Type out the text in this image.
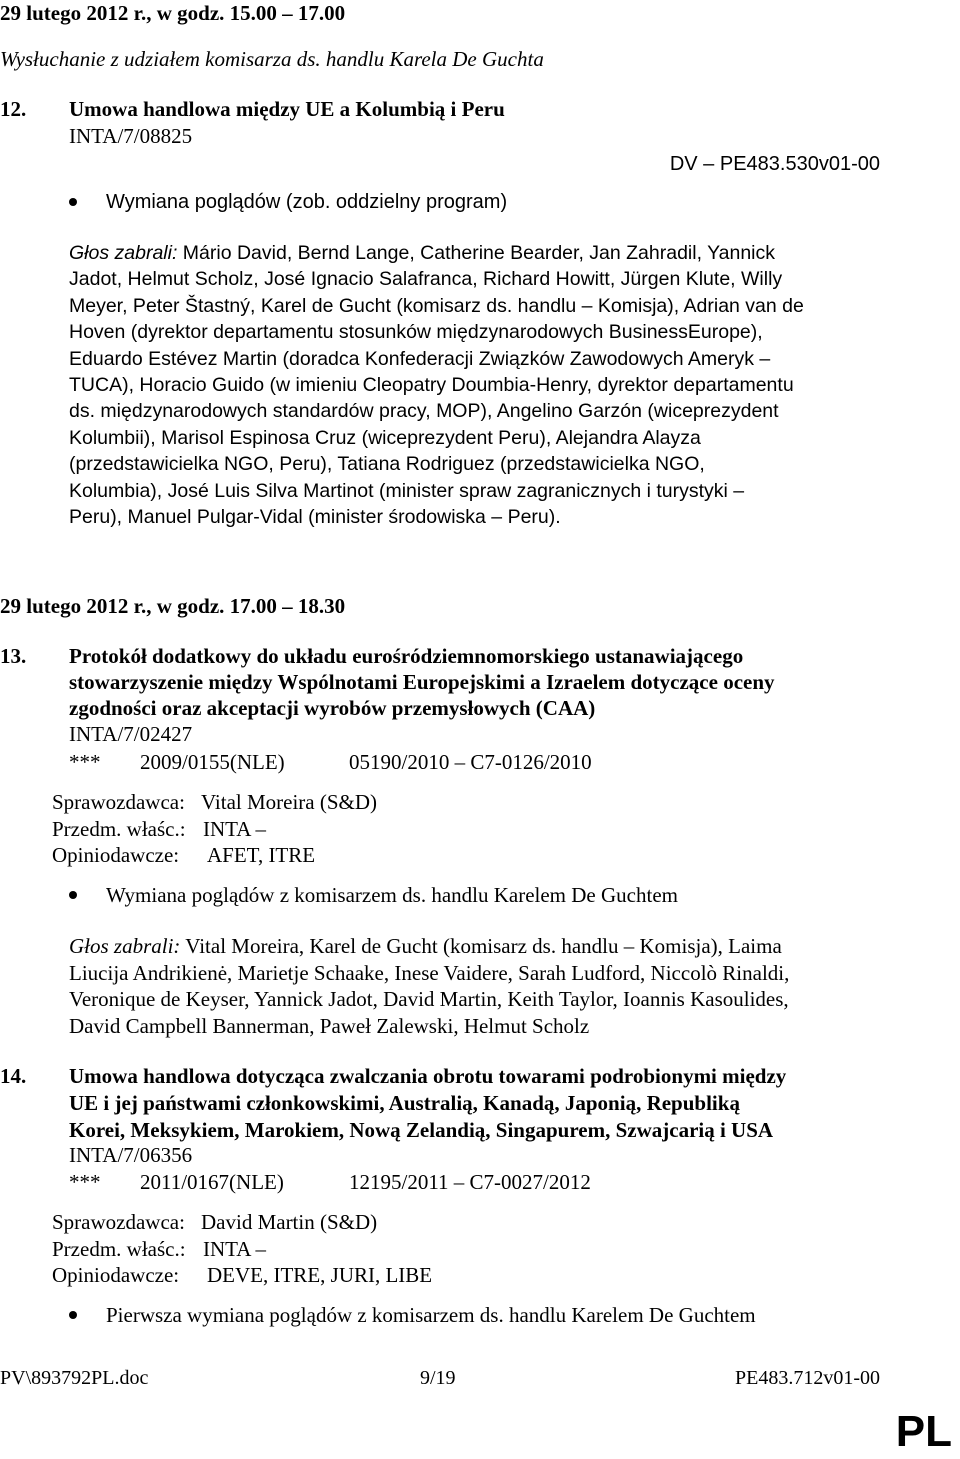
29 lutego 2012 r., w godz. 15.00 – 17.00
Wysłuchanie z udziałem komisarza ds. handlu Karela De Guchta
12. Umowa handlowa między UE a Kolumbią i Peru
INTA/7/08825
DV – PE483.530v01-00
Wymiana poglądów (zob. oddzielny program)
Głos zabrali: Mário David, Bernd Lange, Catherine Bearder, Jan Zahradil, Yannick
Jadot, Helmut Scholz, José Ignacio Salafranca, Richard Howitt, Jürgen Klute, Willy
Meyer, Peter Štastný, Karel de Gucht (komisarz ds. handlu – Komisja), Adrian van de
Hoven (dyrektor departamentu stosunków międzynarodowych BusinessEurope),
Eduardo Estévez Martin (doradca Konfederacji Związków Zawodowych Ameryk –
TUCA), Horacio Guido (w imieniu Cleopatry Doumbia-Henry, dyrektor departamentu
ds. międzynarodowych standardów pracy, MOP), Angelino Garzón (wiceprezydent
Kolumbii), Marisol Espinosa Cruz (wiceprezydent Peru), Alejandra Alayza
(przedstawicielka NGO, Peru), Tatiana Rodriguez (przedstawicielka NGO,
Kolumbia), José Luis Silva Martinot (minister spraw zagranicznych i turystyki –
Peru), Manuel Pulgar-Vidal (minister środowiska – Peru).
29 lutego 2012 r., w godz. 17.00 – 18.30
13. Protokół dodatkowy do układu eurośródziemnomorskiego ustanawiającego
stowarzyszenie między Wspólnotami Europejskimi a Izraelem dotyczące oceny
zgodności oraz akceptacji wyrobów przemysłowych (CAA)
INTA/7/02427
*** 2009/0155(NLE)	05190/2010 – C7-0126/2010
Sprawozdawca: Vital Moreira (S&D)
Przedm. właśc.: INTA –
Opiniodawcze: AFET, ITRE
Wymiana poglądów z komisarzem ds. handlu Karelem De Guchtem
Głos zabrali: Vital Moreira, Karel de Gucht (komisarz ds. handlu – Komisja), Laima
Liucija Andrikienė, Marietje Schaake, Inese Vaidere, Sarah Ludford, Niccolò Rinaldi,
Veronique de Keyser, Yannick Jadot, David Martin, Keith Taylor, Ioannis Kasoulides,
David Campbell Bannerman, Paweł Zalewski, Helmut Scholz
14. Umowa handlowa dotycząca zwalczania obrotu towarami podrobionymi między
UE i jej państwami członkowskimi, Australią, Kanadą, Japonią, Republiką
Korei, Meksykiem, Marokiem, Nową Zelandią, Singapurem, Szwajcarią i USA
INTA/7/06356
*** 2011/0167(NLE)	12195/2011 – C7-0027/2012
Sprawozdawca: David Martin (S&D)
Przedm. właśc.: INTA –
Opiniodawcze: DEVE, ITRE, JURI, LIBE
Pierwsza wymiana poglądów z komisarzem ds. handlu Karelem De Guchtem
PV\893792PL.doc	9/19	PE483.712v01-00
PL
